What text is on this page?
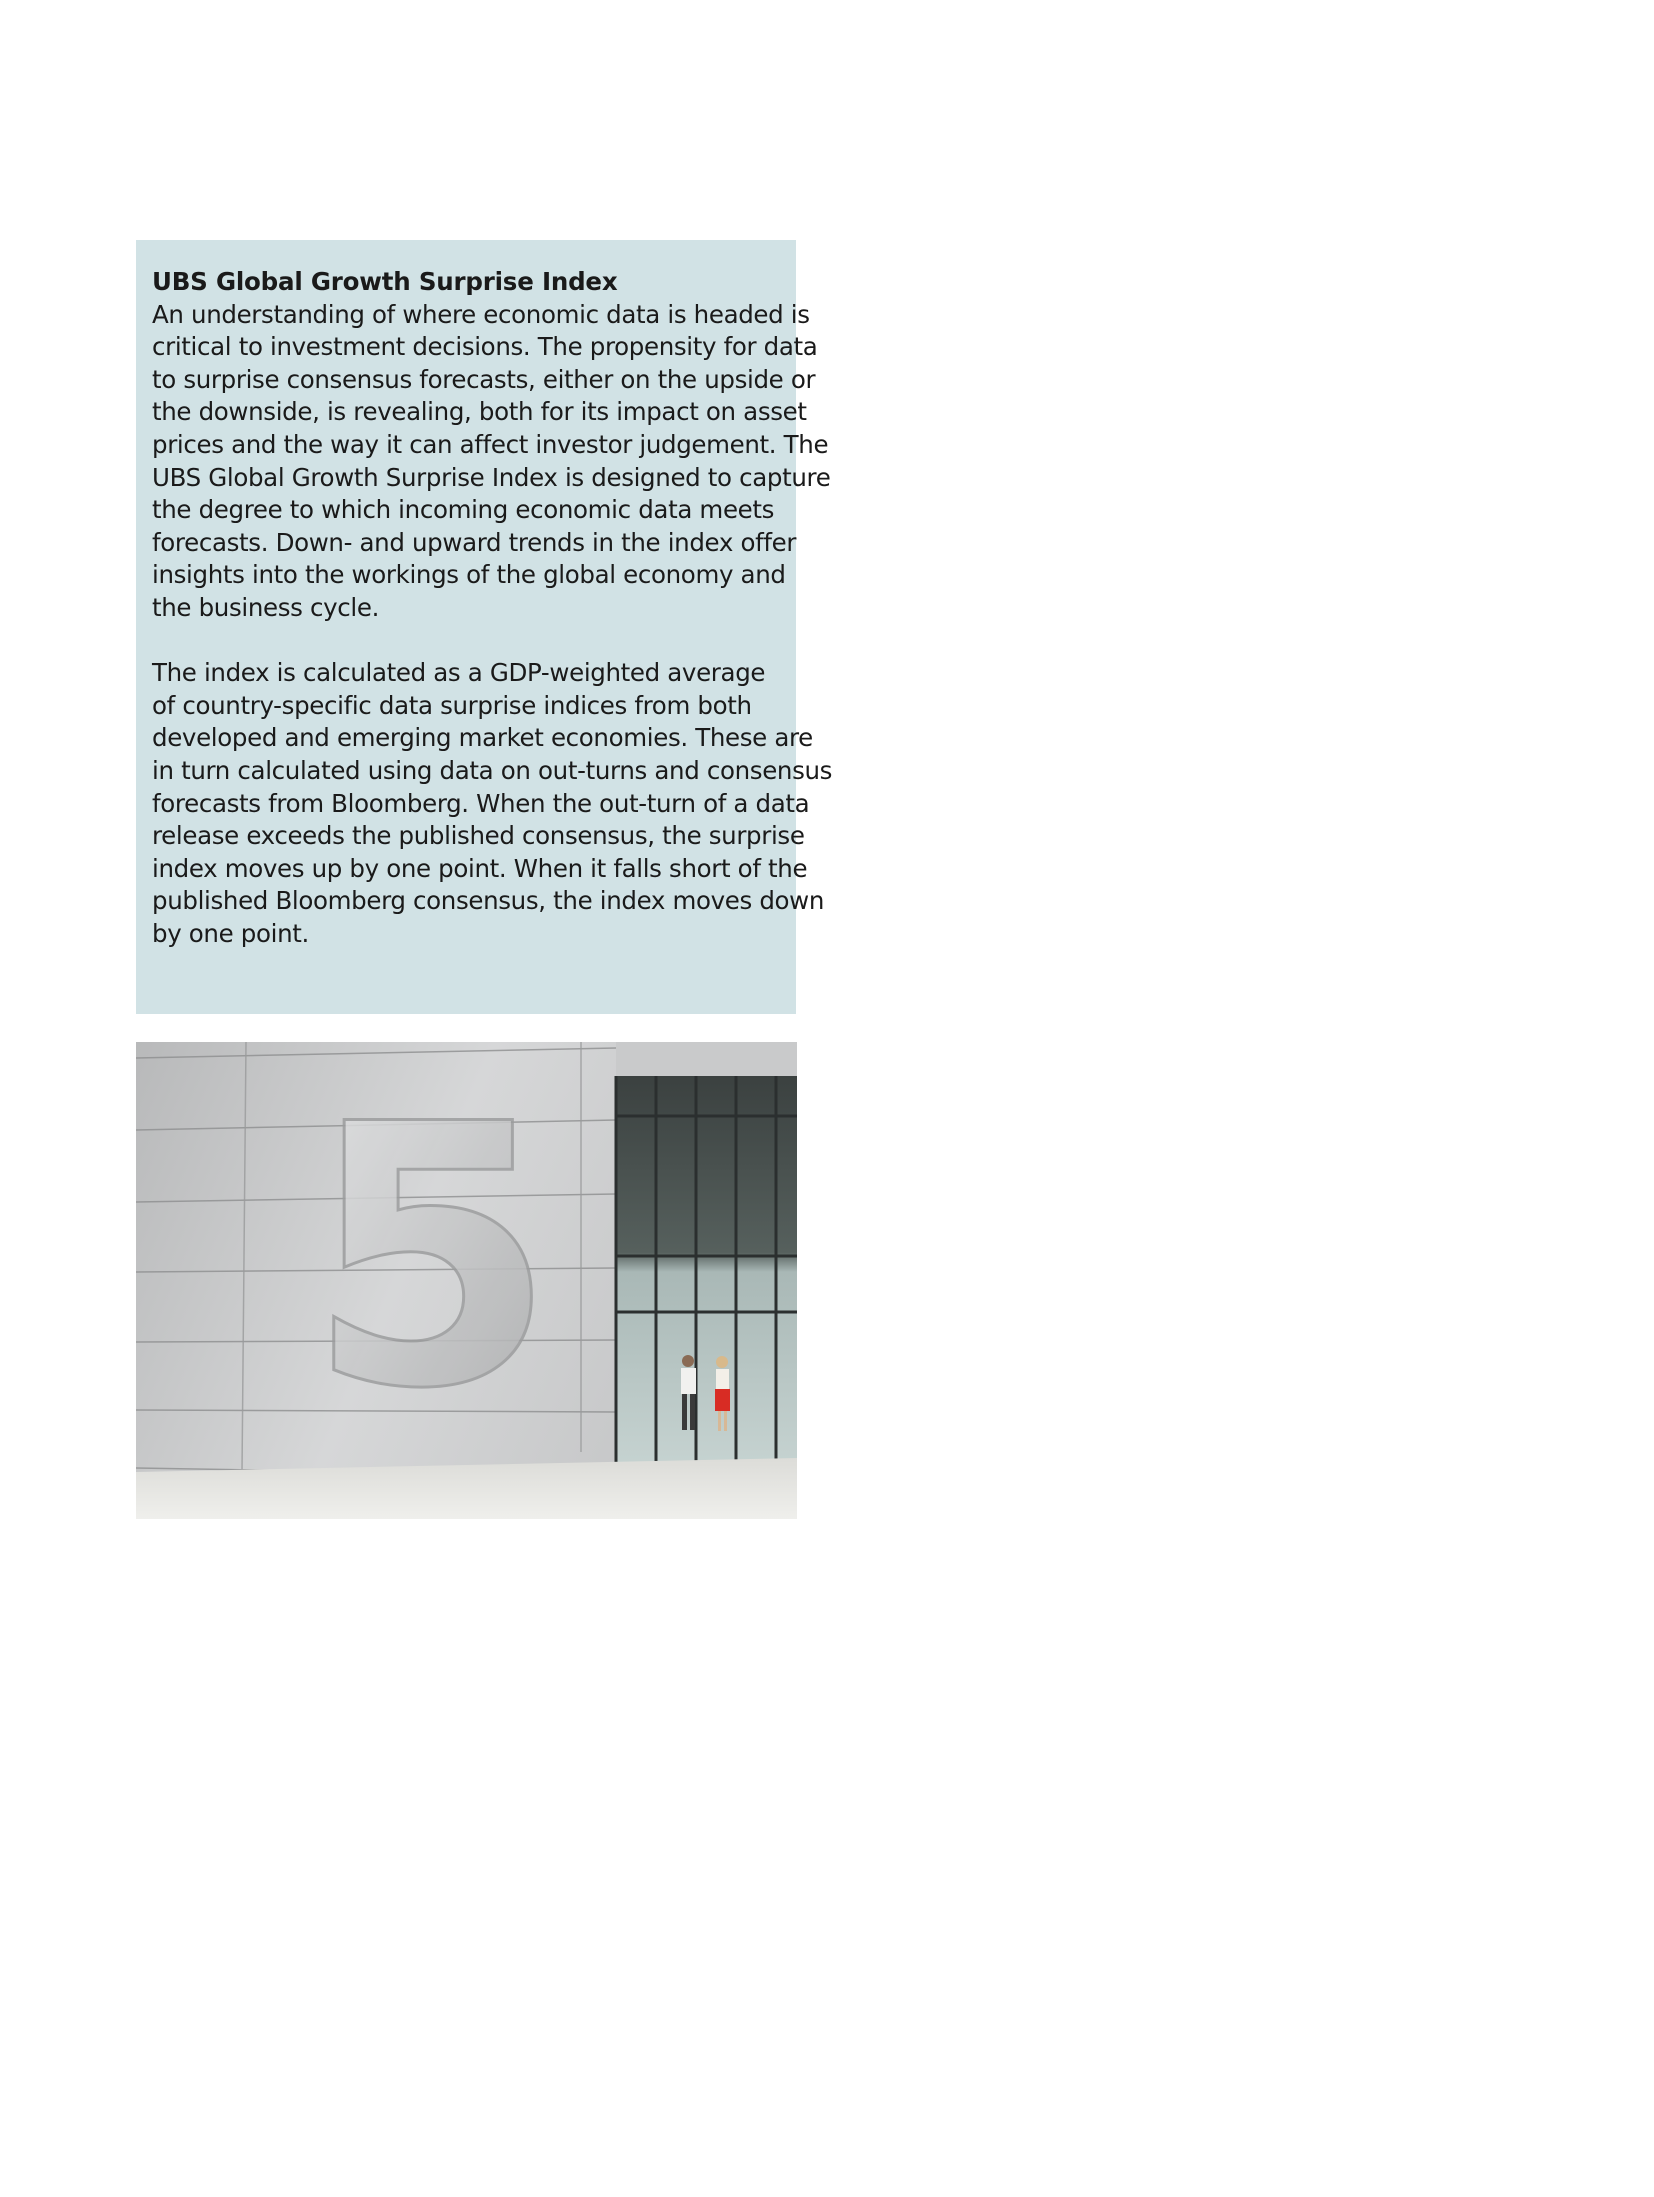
UBS Global Growth Surprise Index

An understanding of where economic data is headed is
critical to investment decisions. The propensity for data
to surprise consensus forecasts, either on the upside or
the downside, is revealing, both for its impact on asset
prices and the way it can affect investor judgement. The
UBS Global Growth Surprise Index is designed to capture
the degree to which incoming economic data meets
forecasts. Down- and upward trends in the index offer
insights into the workings of the global economy and
the business cycle.

The index is calculated as a GDP-weighted average
of country-specific data surprise indices from both
developed and emerging market economies. These are
in turn calculated using data on out-turns and consensus
forecasts from Bloomberg. When the out-turn of a data
release exceeds the published consensus, the surprise
index moves up by one point. When it falls short of the
published Bloomberg consensus, the index moves down
by one point.

5
